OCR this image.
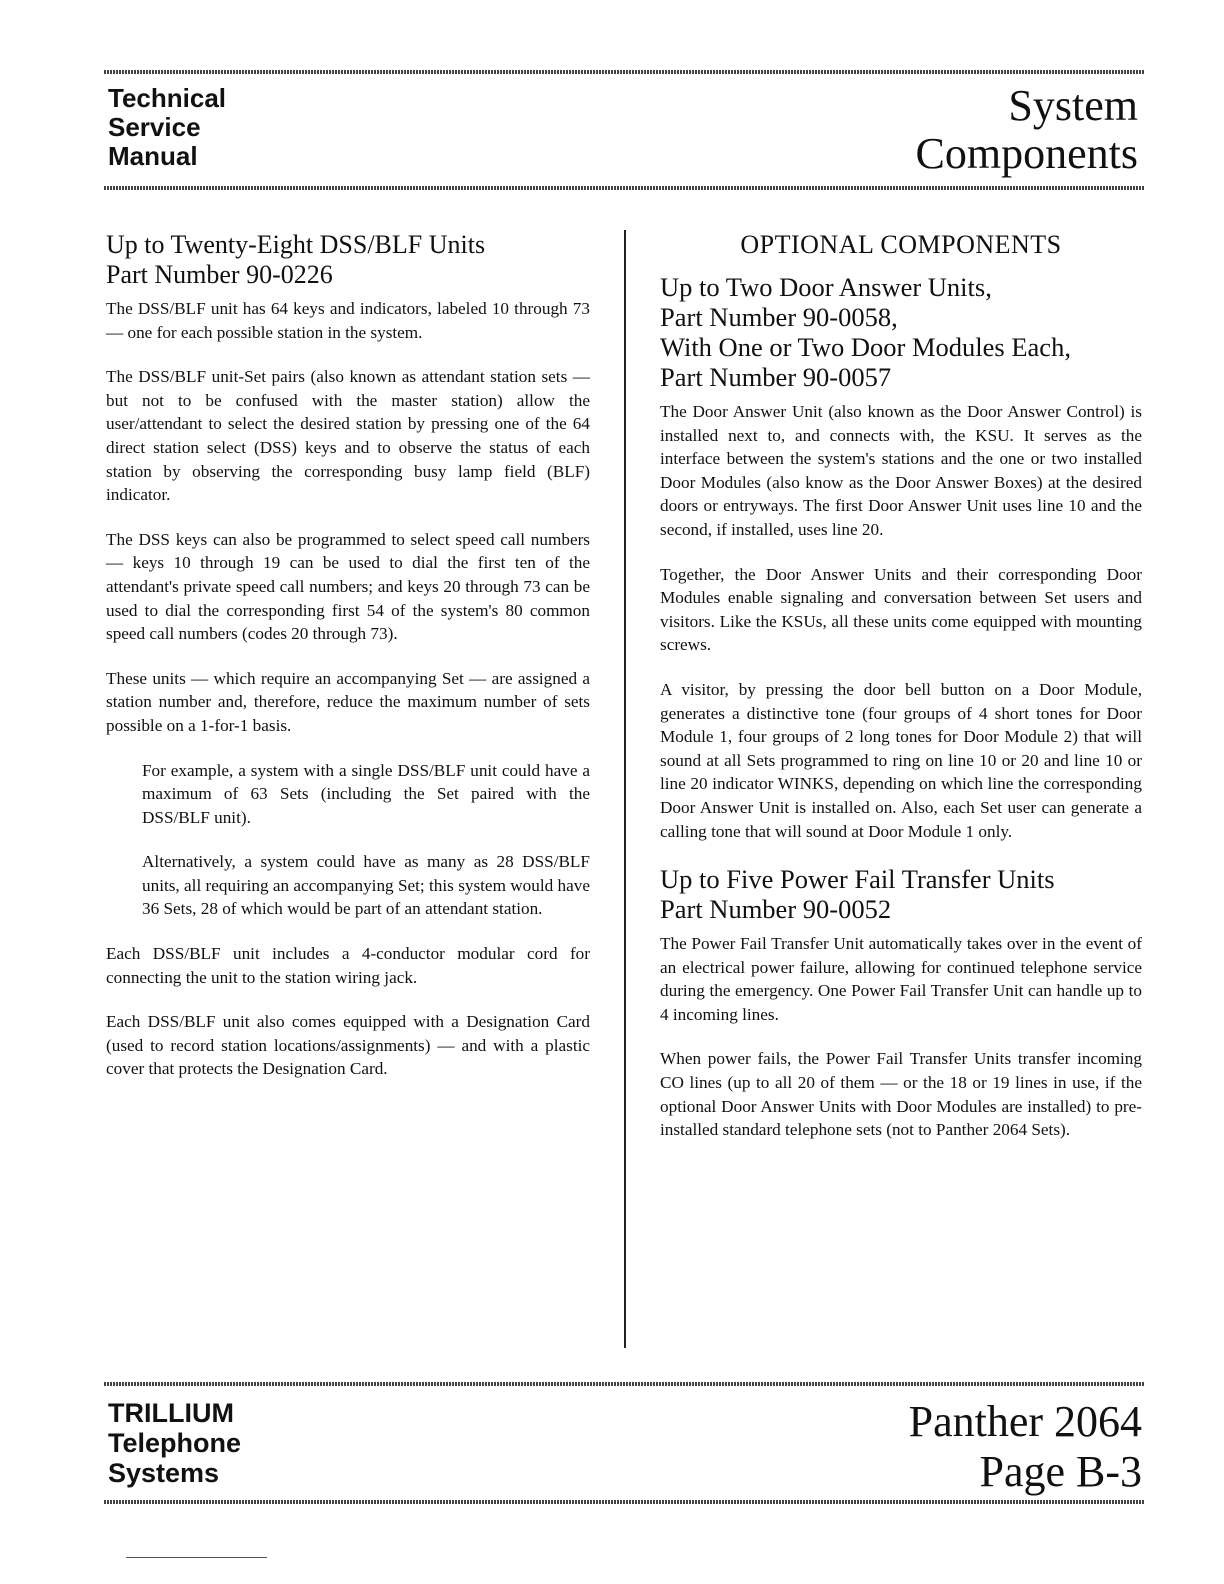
Technical
Service
Manual
System
Components
Up to Twenty-Eight DSS/BLF Units
Part Number 90-0226

The DSS/BLF unit has 64 keys and indicators, labeled 10 through 73 — one for each possible station in the system.

The DSS/BLF unit-Set pairs (also known as attendant station sets — but not to be confused with the master station) allow the user/attendant to select the desired station by pressing one of the 64 direct station select (DSS) keys and to observe the status of each station by observing the corresponding busy lamp field (BLF) indicator.

The DSS keys can also be programmed to select speed call numbers — keys 10 through 19 can be used to dial the first ten of the attendant's private speed call numbers; and keys 20 through 73 can be used to dial the corresponding first 54 of the system's 80 common speed call numbers (codes 20 through 73).

These units — which require an accompanying Set — are assigned a station number and, therefore, reduce the maximum number of sets possible on a 1-for-1 basis.

For example, a system with a single DSS/BLF unit could have a maximum of 63 Sets (including the Set paired with the DSS/BLF unit).

Alternatively, a system could have as many as 28 DSS/BLF units, all requiring an accompanying Set; this system would have 36 Sets, 28 of which would be part of an attendant station.

Each DSS/BLF unit includes a 4-conductor modular cord for connecting the unit to the station wiring jack.

Each DSS/BLF unit also comes equipped with a Designation Card (used to record station locations/assignments) — and with a plastic cover that protects the Designation Card.

OPTIONAL COMPONENTS
Up to Two Door Answer Units,
Part Number 90-0058,
With One or Two Door Modules Each,
Part Number 90-0057

The Door Answer Unit (also known as the Door Answer Control) is installed next to, and connects with, the KSU. It serves as the interface between the system's stations and the one or two installed Door Modules (also know as the Door Answer Boxes) at the desired doors or entryways. The first Door Answer Unit uses line 10 and the second, if installed, uses line 20.

Together, the Door Answer Units and their corresponding Door Modules enable signaling and conversation between Set users and visitors. Like the KSUs, all these units come equipped with mounting screws.

A visitor, by pressing the door bell button on a Door Module, generates a distinctive tone (four groups of 4 short tones for Door Module 1, four groups of 2 long tones for Door Module 2) that will sound at all Sets programmed to ring on line 10 or 20 and line 10 or line 20 indicator WINKS, depending on which line the corresponding Door Answer Unit is installed on. Also, each Set user can generate a calling tone that will sound at Door Module 1 only.

Up to Five Power Fail Transfer Units
Part Number 90-0052

The Power Fail Transfer Unit automatically takes over in the event of an electrical power failure, allowing for continued telephone service during the emergency. One Power Fail Transfer Unit can handle up to 4 incoming lines.

When power fails, the Power Fail Transfer Units transfer incoming CO lines (up to all 20 of them — or the 18 or 19 lines in use, if the optional Door Answer Units with Door Modules are installed) to pre-installed standard telephone sets (not to Panther 2064 Sets).

TRILLIUM
Telephone
Systems
Panther 2064
Page B-3
